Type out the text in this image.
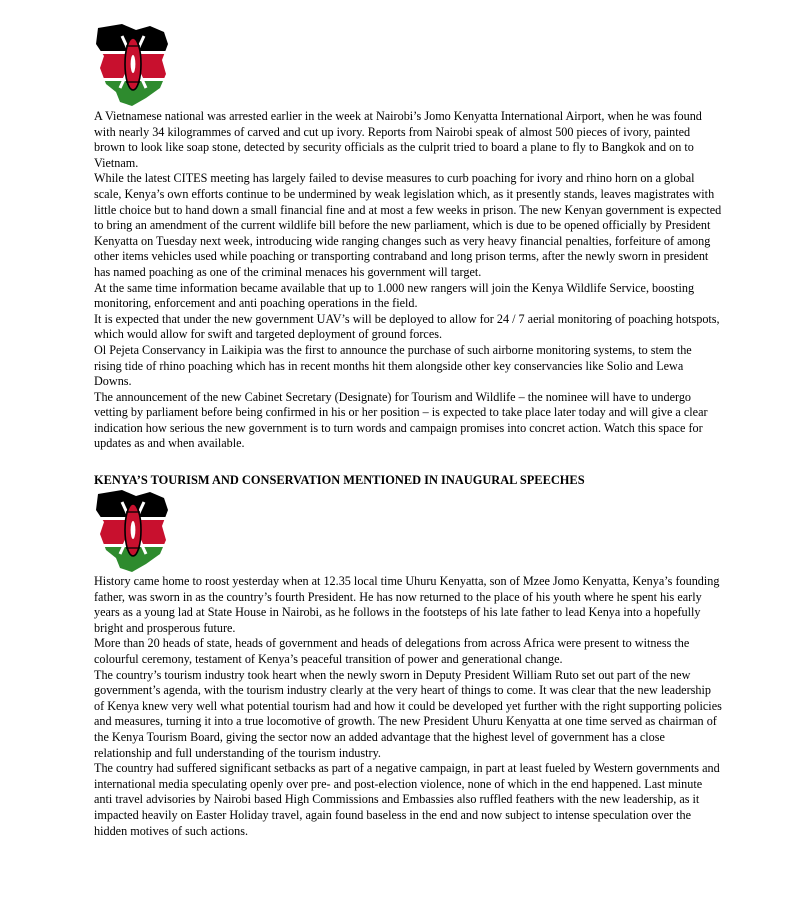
A Vietnamese national was arrested earlier in the week at Nairobi’s Jomo Kenyatta International Airport, when he was found with nearly 34 kilogrammes of carved and cut up ivory. Reports from Nairobi speak of almost 500 pieces of ivory, painted brown to look like soap stone, detected by security officials as the culprit tried to board a plane to fly to Bangkok and on to Vietnam.

While the latest CITES meeting has largely failed to devise measures to curb poaching for ivory and rhino horn on a global scale, Kenya’s own efforts continue to be undermined by weak legislation which, as it presently stands, leaves magistrates with little choice but to hand down a small financial fine and at most a few weeks in prison. The new Kenyan government is expected to bring an amendment of the current wildlife bill before the new parliament, which is due to be opened officially by President Kenyatta on Tuesday next week, introducing wide ranging changes such as very heavy financial penalties, forfeiture of among other items vehicles used while poaching or transporting contraband and long prison terms, after the newly sworn in president has named poaching as one of the criminal menaces his government will target.

At the same time information became available that up to 1.000 new rangers will join the Kenya Wildlife Service, boosting monitoring, enforcement and anti poaching operations in the field.

It is expected that under the new government UAV’s will be deployed to allow for 24 / 7 aerial monitoring of poaching hotspots, which would allow for swift and targeted deployment of ground forces.

Ol Pejeta Conservancy in Laikipia was the first to announce the purchase of such airborne monitoring systems, to stem the rising tide of rhino poaching which has in recent months hit them alongside other key conservancies like Solio and Lewa Downs.

The announcement of the new Cabinet Secretary (Designate) for Tourism and Wildlife – the nominee will have to undergo vetting by parliament before being confirmed in his or her position – is expected to take place later today and will give a clear indication how serious the new government is to turn words and campaign promises into concret action. Watch this space for updates as and when available.

KENYA’S TOURISM AND CONSERVATION MENTIONED IN INAUGURAL SPEECHES

History came home to roost yesterday when at 12.35 local time Uhuru Kenyatta, son of Mzee Jomo Kenyatta, Kenya’s founding father, was sworn in as the country’s fourth President. He has now returned to the place of his youth where he spent his early years as a young lad at State House in Nairobi, as he follows in the footsteps of his late father to lead Kenya into a hopefully bright and prosperous future.

More than 20 heads of state, heads of government and heads of delegations from across Africa were present to witness the colourful ceremony, testament of Kenya’s peaceful transition of power and generational change.

The country’s tourism industry took heart when the newly sworn in Deputy President William Ruto set out part of the new government’s agenda, with the tourism industry clearly at the very heart of things to come. It was clear that the new leadership of Kenya knew very well what potential tourism had and how it could be developed yet further with the right supporting policies and measures, turning it into a true locomotive of growth. The new President Uhuru Kenyatta at one time served as chairman of the Kenya Tourism Board, giving the sector now an added advantage that the highest level of government has a close relationship and full understanding of the tourism industry.

The country had suffered significant setbacks as part of a negative campaign, in part at least fueled by Western governments and international media speculating openly over pre- and post-election violence, none of which in the end happened. Last minute anti travel advisories by Nairobi based High Commissions and Embassies also ruffled feathers with the new leadership, as it impacted heavily on Easter Holiday travel, again found baseless in the end and now subject to intense speculation over the hidden motives of such actions.
